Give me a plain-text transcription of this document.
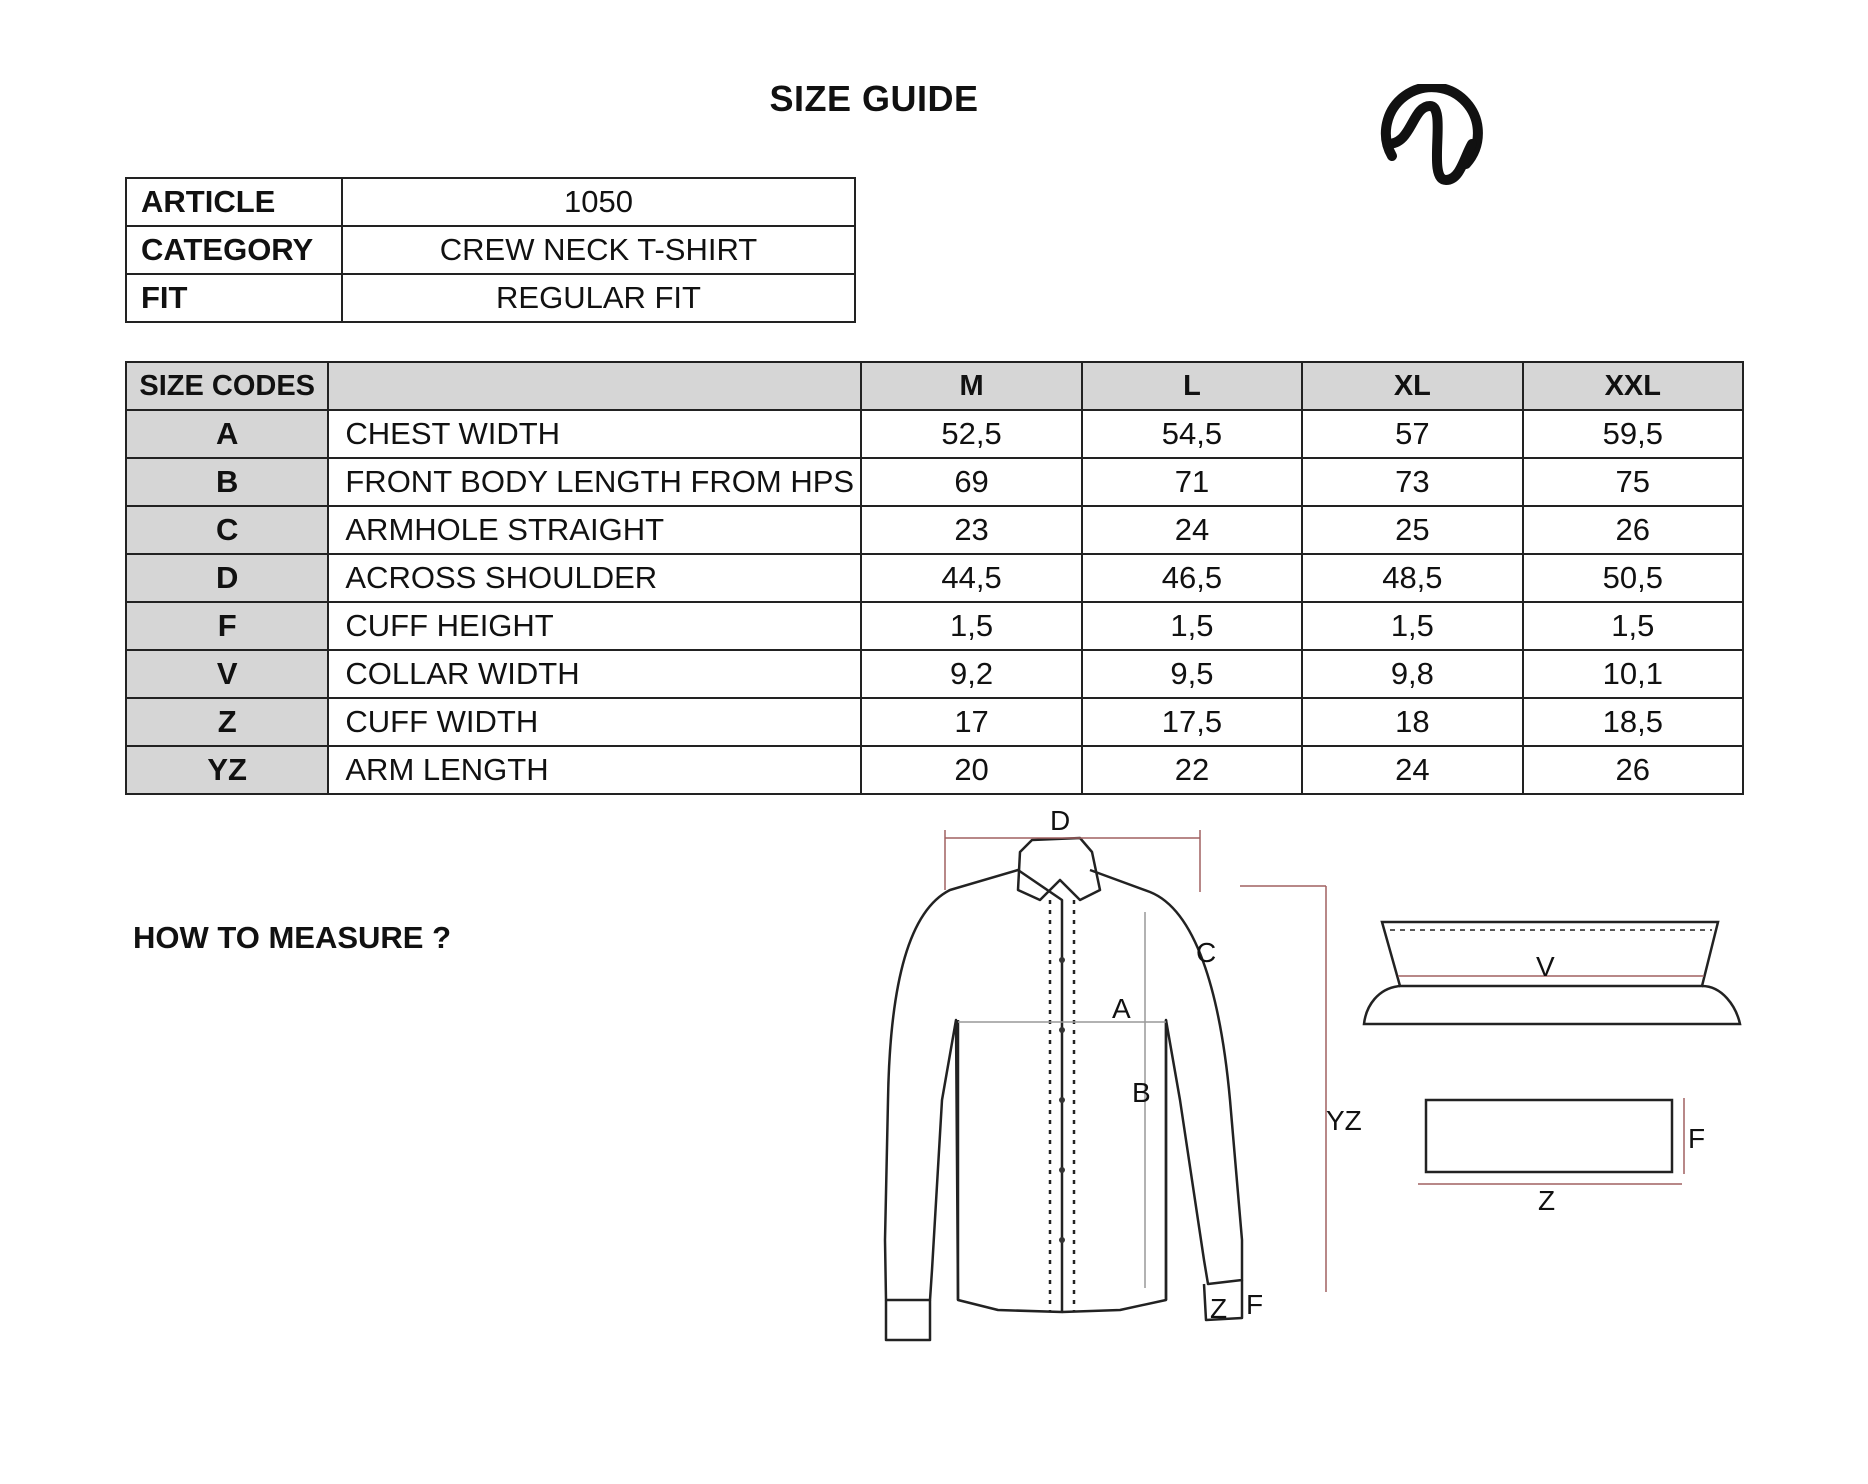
SIZE GUIDE
ARTICLE	1050
CATEGORY	CREW NECK T-SHIRT
FIT	REGULAR FIT
SIZE CODES		M	L	XL	XXL
A	CHEST WIDTH	52,5	54,5	57	59,5
B	FRONT BODY LENGTH FROM HPS	69	71	73	75
C	ARMHOLE STRAIGHT	23	24	25	26
D	ACROSS SHOULDER	44,5	46,5	48,5	50,5
F	CUFF HEIGHT	1,5	1,5	1,5	1,5
V	COLLAR WIDTH	9,2	9,5	9,8	10,1
Z	CUFF WIDTH	17	17,5	18	18,5
YZ	ARM LENGTH	20	22	24	26
HOW TO MEASURE ?
D
C
A
B
YZ
Z F
V
F
Z
